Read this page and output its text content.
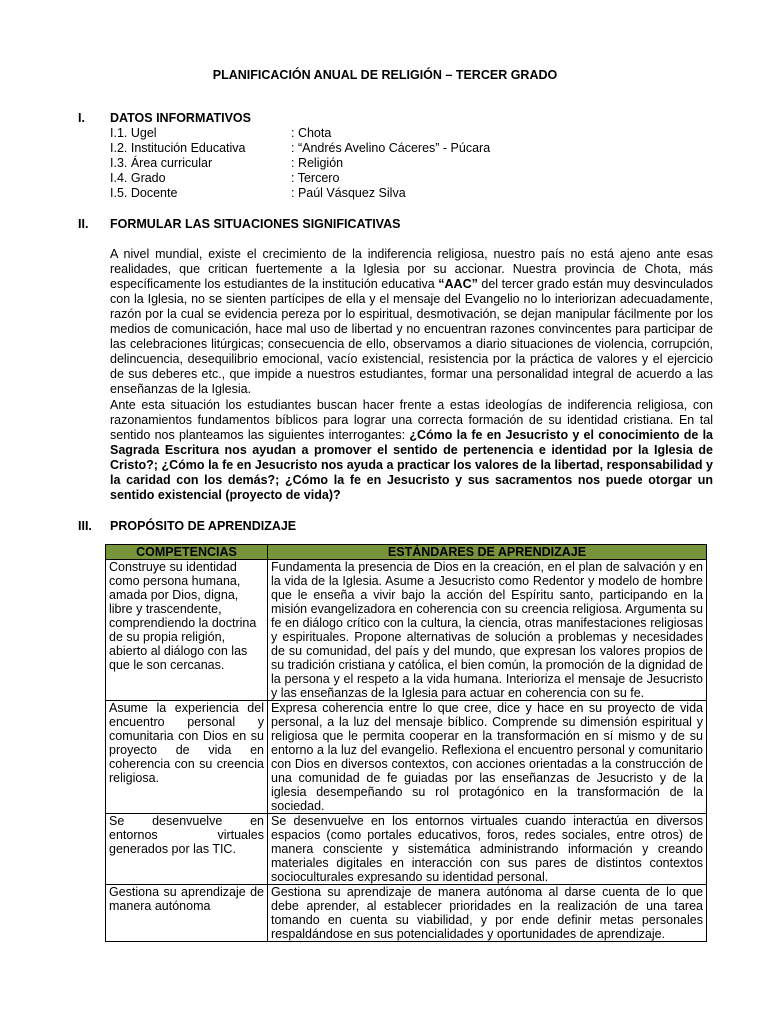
PLANIFICACIÓN ANUAL DE RELIGIÓN – TERCER GRADO
I. DATOS INFORMATIVOS
I.1. Ugel	: Chota
I.2. Institución Educativa	: “Andrés Avelino Cáceres” - Púcara
I.3. Área curricular	: Religión
I.4. Grado	: Tercero
I.5. Docente	: Paúl Vásquez Silva
II. FORMULAR LAS SITUACIONES SIGNIFICATIVAS
A nivel mundial, existe el crecimiento de la indiferencia religiosa, nuestro país no está ajeno ante esas realidades, que critican fuertemente a la Iglesia por su accionar. Nuestra provincia de Chota, más específicamente los estudiantes de la institución educativa “AAC” del tercer grado están muy desvinculados con la Iglesia, no se sienten partícipes de ella y el mensaje del Evangelio no lo interiorizan adecuadamente, razón por la cual se evidencia pereza por lo espiritual, desmotivación, se dejan manipular fácilmente por los medios de comunicación, hace mal uso de libertad y no encuentran razones convincentes para participar de las celebraciones litúrgicas; consecuencia de ello, observamos a diario situaciones de violencia, corrupción, delincuencia, desequilibrio emocional, vacío existencial, resistencia por la práctica de valores y el ejercicio de sus deberes etc., que impide a nuestros estudiantes, formar una personalidad integral de acuerdo a las enseñanzas de la Iglesia.
Ante esta situación los estudiantes buscan hacer frente a estas ideologías de indiferencia religiosa, con razonamientos fundamentos bíblicos para lograr una correcta formación de su identidad cristiana. En tal sentido nos planteamos las siguientes interrogantes: ¿Cómo la fe en Jesucristo y el conocimiento de la Sagrada Escritura nos ayudan a promover el sentido de pertenencia e identidad por la Iglesia de Cristo?; ¿Cómo la fe en Jesucristo nos ayuda a practicar los valores de la libertad, responsabilidad y la caridad con los demás?; ¿Cómo la fe en Jesucristo y sus sacramentos nos puede otorgar un sentido existencial (proyecto de vida)?
III. PROPÓSITO DE APRENDIZAJE
COMPETENCIAS	ESTÁNDARES DE APRENDIZAJE
Construye su identidad como persona humana, amada por Dios, digna, libre y trascendente, comprendiendo la doctrina de su propia religión, abierto al diálogo con las que le son cercanas.	Fundamenta la presencia de Dios en la creación, en el plan de salvación y en la vida de la Iglesia. Asume a Jesucristo como Redentor y modelo de hombre que le enseña a vivir bajo la acción del Espíritu santo, participando en la misión evangelizadora en coherencia con su creencia religiosa. Argumenta su fe en diálogo crítico con la cultura, la ciencia, otras manifestaciones religiosas y espirituales. Propone alternativas de solución a problemas y necesidades de su comunidad, del país y del mundo, que expresan los valores propios de su tradición cristiana y católica, el bien común, la promoción de la dignidad de la persona y el respeto a la vida humana. Interioriza el mensaje de Jesucristo y las enseñanzas de la Iglesia para actuar en coherencia con su fe.
Asume la experiencia del encuentro personal y comunitaria con Dios en su proyecto de vida en coherencia con su creencia religiosa.	Expresa coherencia entre lo que cree, dice y hace en su proyecto de vida personal, a la luz del mensaje bíblico. Comprende su dimensión espiritual y religiosa que le permita cooperar en la transformación en sí mismo y de su entorno a la luz del evangelio. Reflexiona el encuentro personal y comunitario con Dios en diversos contextos, con acciones orientadas a la construcción de una comunidad de fe guiadas por las enseñanzas de Jesucristo y de la iglesia desempeñando su rol protagónico en la transformación de la sociedad.
Se desenvuelve en entornos virtuales generados por las TIC.	Se desenvuelve en los entornos virtuales cuando interactúa en diversos espacios (como portales educativos, foros, redes sociales, entre otros) de manera consciente y sistemática administrando información y creando materiales digitales en interacción con sus pares de distintos contextos socioculturales expresando su identidad personal.
Gestiona su aprendizaje de manera autónoma	Gestiona su aprendizaje de manera autónoma al darse cuenta de lo que debe aprender, al establecer prioridades en la realización de una tarea tomando en cuenta su viabilidad, y por ende definir metas personales respaldándose en sus potencialidades y oportunidades de aprendizaje.
